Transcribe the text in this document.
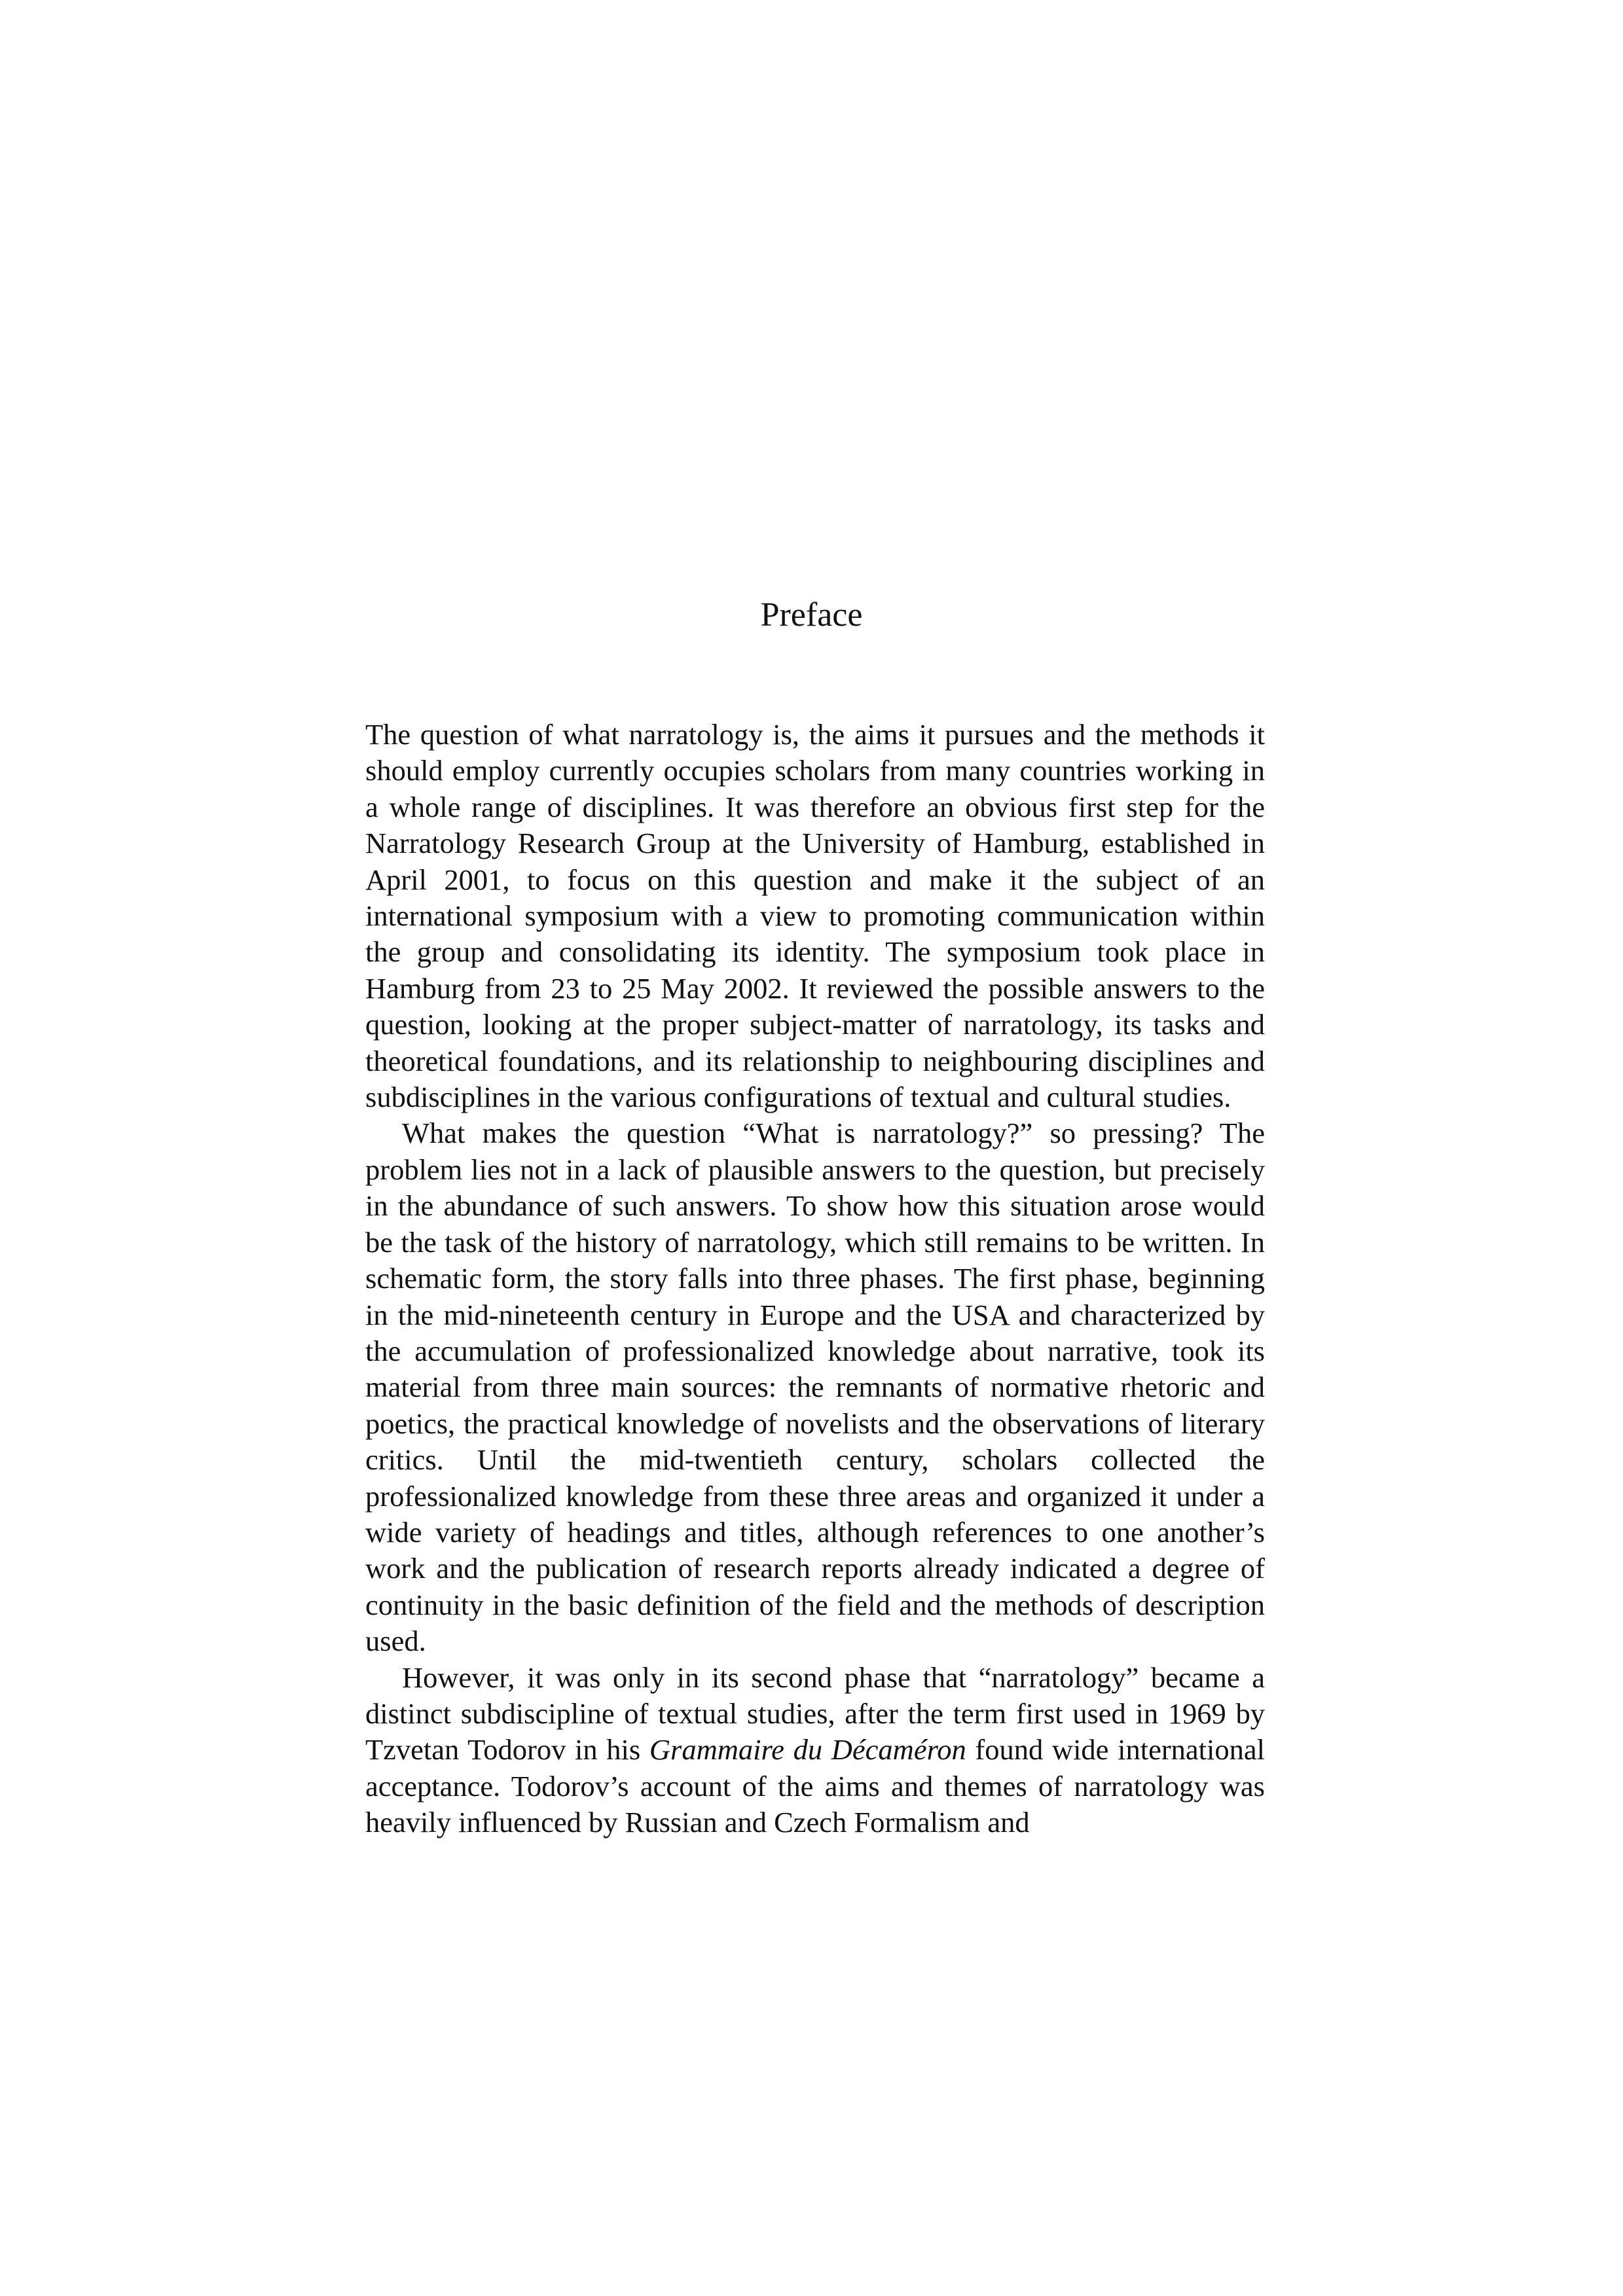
Preface

The question of what narratology is, the aims it pursues and the methods it should employ currently occupies scholars from many countries working in a whole range of disciplines. It was therefore an obvious first step for the Narratology Research Group at the University of Hamburg, established in April 2001, to focus on this question and make it the subject of an international symposium with a view to promoting communication within the group and consolidating its identity. The symposium took place in Hamburg from 23 to 25 May 2002. It reviewed the possible answers to the question, looking at the proper subject-matter of narratology, its tasks and theoretical foundations, and its relationship to neighbouring disciplines and subdisciplines in the various configurations of textual and cultural studies.

What makes the question “What is narratology?” so pressing? The problem lies not in a lack of plausible answers to the question, but precisely in the abundance of such answers. To show how this situation arose would be the task of the history of narratology, which still remains to be written. In schematic form, the story falls into three phases. The first phase, beginning in the mid-nineteenth century in Europe and the USA and characterized by the accumulation of professionalized knowledge about narrative, took its material from three main sources: the remnants of normative rhetoric and poetics, the practical knowledge of novelists and the observations of literary critics. Until the mid-twentieth century, scholars collected the professionalized knowledge from these three areas and organized it under a wide variety of headings and titles, although references to one another’s work and the publication of research reports already indicated a degree of continuity in the basic definition of the field and the methods of description used.

However, it was only in its second phase that “narratology” became a distinct subdiscipline of textual studies, after the term first used in 1969 by Tzvetan Todorov in his Grammaire du Décaméron found wide international acceptance. Todorov’s account of the aims and themes of narratology was heavily influenced by Russian and Czech Formalism and
